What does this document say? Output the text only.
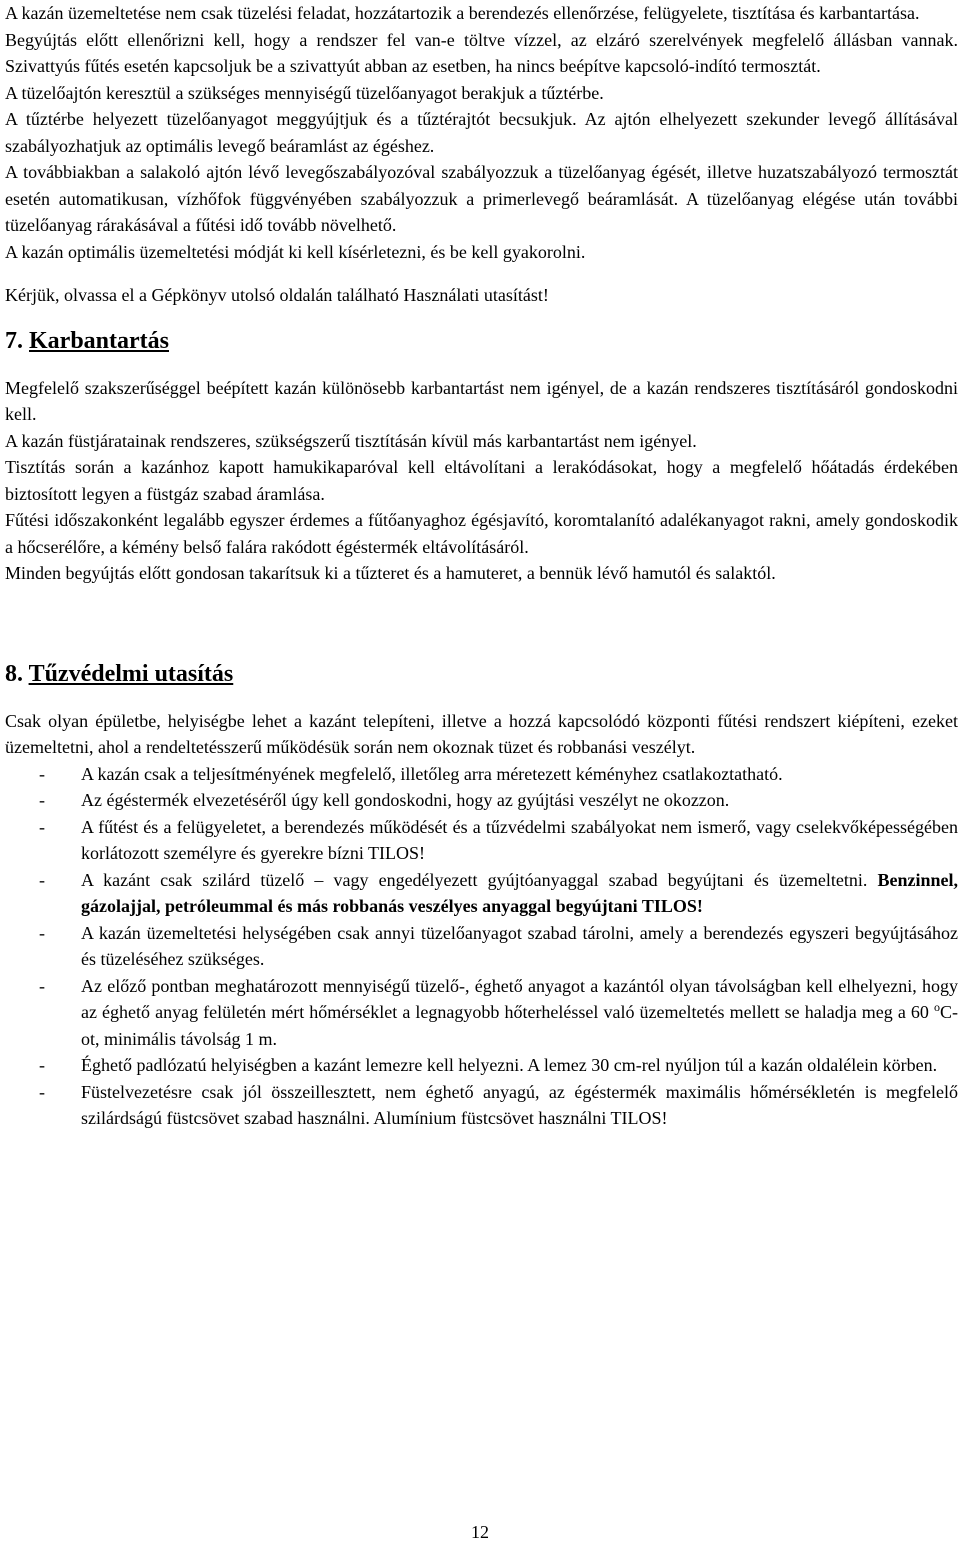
A kazán üzemeltetése nem csak tüzelési feladat, hozzátartozik a berendezés ellenőrzése, felügyelete, tisztítása és karbantartása.

Begyújtás előtt ellenőrizni kell, hogy a rendszer fel van-e töltve vízzel, az elzáró szerelvények megfelelő állásban vannak. Szivattyús fűtés esetén kapcsoljuk be a szivattyút abban az esetben, ha nincs beépítve kapcsoló-indító termosztát.

A tüzelőajtón keresztül a szükséges mennyiségű tüzelőanyagot berakjuk a tűztérbe.

A tűztérbe helyezett tüzelőanyagot meggyújtjuk és a tűztérajtót becsukjuk. Az ajtón elhelyezett szekunder levegő állításával szabályozhatjuk az optimális levegő beáramlást az égéshez.

A továbbiakban a salakoló ajtón lévő levegőszabályozóval szabályozzuk a tüzelőanyag égését, illetve huzatszabályozó termosztát esetén automatikusan, vízhőfok függvényében szabályozzuk a primerlevegő beáramlását. A tüzelőanyag elégése után további tüzelőanyag rárakásával a fűtési idő tovább növelhető.

A kazán optimális üzemeltetési módját ki kell kísérletezni, és be kell gyakorolni.

Kérjük, olvassa el a Gépkönyv utolsó oldalán található Használati utasítást!

7. Karbantartás

Megfelelő szakszerűséggel beépített kazán különösebb karbantartást nem igényel, de a kazán rendszeres tisztításáról gondoskodni kell.

A kazán füstjáratainak rendszeres, szükségszerű tisztításán kívül más karbantartást nem igényel.

Tisztítás során a kazánhoz kapott hamukikaparóval kell eltávolítani a lerakódásokat, hogy a megfelelő hőátadás érdekében biztosított legyen a füstgáz szabad áramlása.

Fűtési időszakonként legalább egyszer érdemes a fűtőanyaghoz égésjavító, koromtalanító adalékanyagot rakni, amely gondoskodik a hőcserélőre, a kémény belső falára rakódott égéstermék eltávolításáról.

Minden begyújtás előtt gondosan takarítsuk ki a tűzteret és a hamuteret, a bennük lévő hamutól és salaktól.

8. Tűzvédelmi utasítás

Csak olyan épületbe, helyiségbe lehet a kazánt telepíteni, illetve a hozzá kapcsolódó központi fűtési rendszert kiépíteni, ezeket üzemeltetni, ahol a rendeltetésszerű működésük során nem okoznak tüzet és robbanási veszélyt.

- A kazán csak a teljesítményének megfelelő, illetőleg arra méretezett kéményhez csatlakoztatható.
- Az égéstermék elvezetéséről úgy kell gondoskodni, hogy az gyújtási veszélyt ne okozzon.
- A fűtést és a felügyeletet, a berendezés működését és a tűzvédelmi szabályokat nem ismerő, vagy cselekvőképességében korlátozott személyre és gyerekre bízni TILOS!
- A kazánt csak szilárd tüzelő – vagy engedélyezett gyújtóanyaggal szabad begyújtani és üzemeltetni. Benzinnel, gázolajjal, petróleummal és más robbanás veszélyes anyaggal begyújtani TILOS!
- A kazán üzemeltetési helységében csak annyi tüzelőanyagot szabad tárolni, amely a berendezés egyszeri begyújtásához és tüzeléséhez szükséges.
- Az előző pontban meghatározott mennyiségű tüzelő-, éghető anyagot a kazántól olyan távolságban kell elhelyezni, hogy az éghető anyag felületén mért hőmérséklet a legnagyobb hőterheléssel való üzemeltetés mellett se haladja meg a 60 $^o$C-ot, minimális távolság 1 m.
- Éghető padlózatú helyiségben a kazánt lemezre kell helyezni. A lemez 30 cm-rel nyúljon túl a kazán oldalélein körben.
- Füstelvezetésre csak jól összeillesztett, nem éghető anyagú, az égéstermék maximális hőmérsékletén is megfelelő szilárdságú füstcsövet szabad használni. Alumínium füstcsövet használni TILOS!
12
